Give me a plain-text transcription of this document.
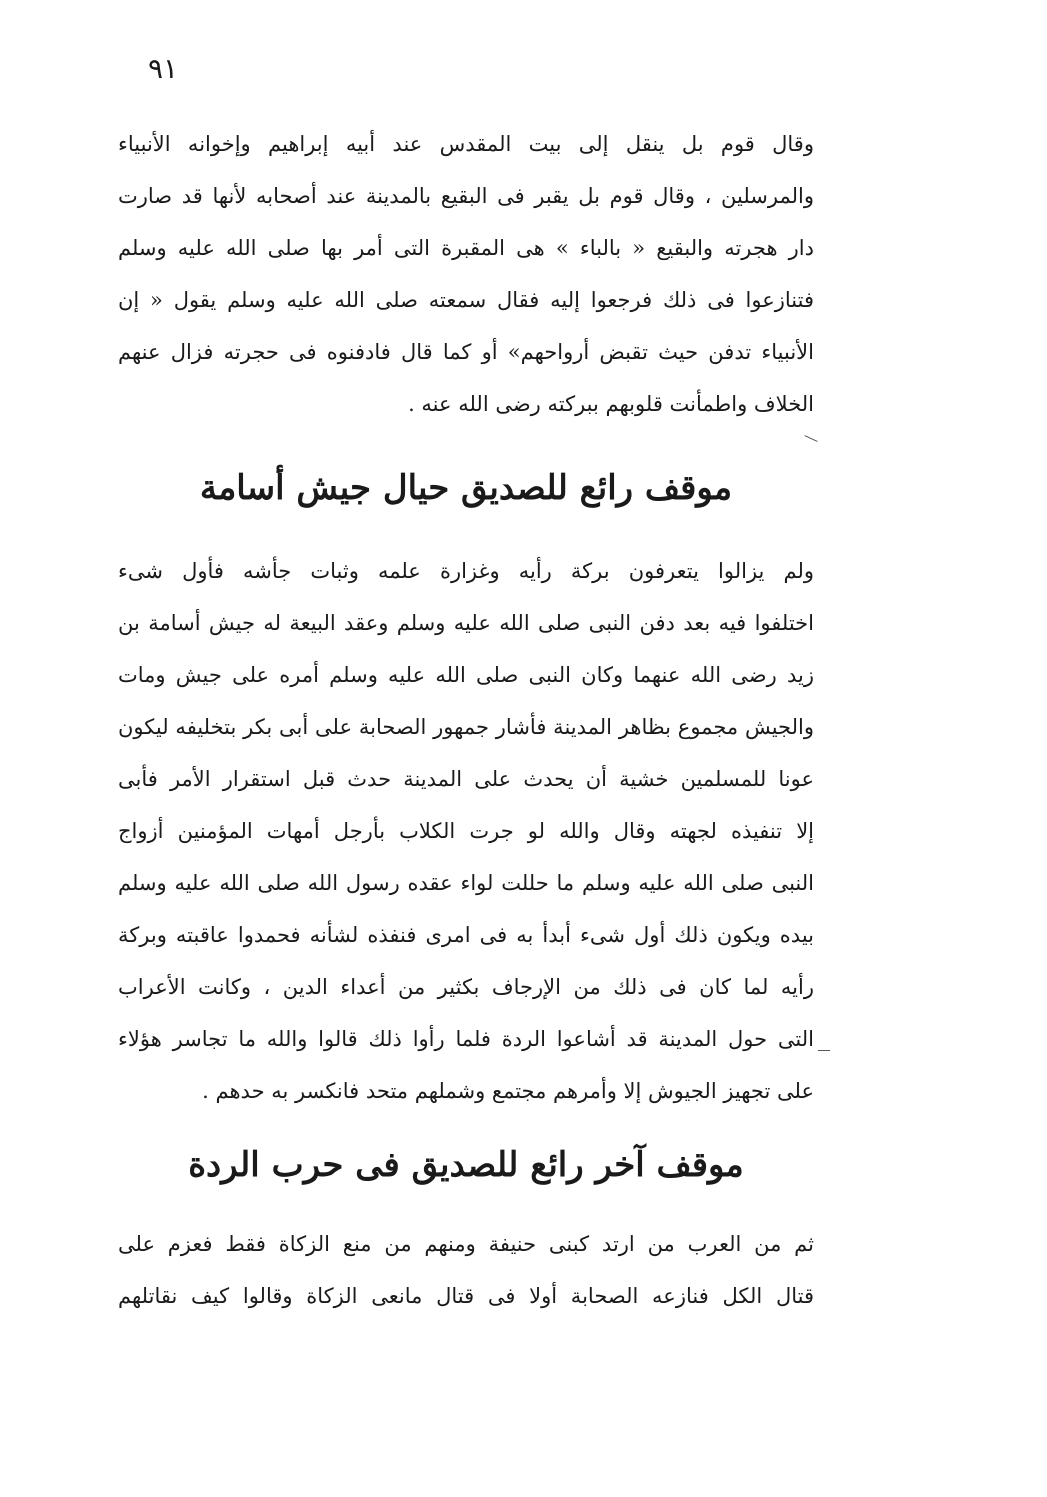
٩١
وقال قوم بل ينقل إلى بيت المقدس عند أبيه إبراهيم وإخوانه الأنبياء
والمرسلين ، وقال قوم بل يقبر فى البقيع بالمدينة عند أصحابه لأنها قد صارت
دار هجرته والبقيع « بالباء » هى المقبرة التى أمر بها صلى الله عليه وسلم
فتنازعوا فى ذلك فرجعوا إليه فقال سمعته صلى الله عليه وسلم يقول « إن
الأنبياء تدفن حيث تقبض أرواحهم» أو كما قال فادفنوه فى حجرته فزال عنهم
الخلاف واطمأنت قلوبهم ببركته رضى الله عنه .
موقف رائع للصديق حيال جيش أسامة
ولم يزالوا يتعرفون بركة رأيه وغزارة علمه وثبات جأشه فأول شىء
اختلفوا فيه بعد دفن النبى صلى الله عليه وسلم وعقد البيعة له جيش أسامة بن
زيد رضى الله عنهما وكان النبى صلى الله عليه وسلم أمره على جيش ومات
والجيش مجموع بظاهر المدينة فأشار جمهور الصحابة على أبى بكر بتخليفه ليكون
عونا للمسلمين خشية أن يحدث على المدينة حدث قبل استقرار الأمر فأبى
إلا تنفيذه لجهته وقال والله لو جرت الكلاب بأرجل أمهات المؤمنين أزواج
النبى صلى الله عليه وسلم ما حللت لواء عقده رسول الله صلى الله عليه وسلم
بيده ويكون ذلك أول شىء أبدأ به فى امرى فنفذه لشأنه فحمدوا عاقبته وبركة
رأيه لما كان فى ذلك من الإرجاف بكثير من أعداء الدين ، وكانت الأعراب
التى حول المدينة قد أشاعوا الردة فلما رأوا ذلك قالوا والله ما تجاسر هؤلاء
على تجهيز الجيوش إلا وأمرهم مجتمع وشملهم متحد فانكسر به حدهم .
موقف آخر رائع للصديق فى حرب الردة
ثم من العرب من ارتد كبنى حنيفة ومنهم من منع الزكاة فقط فعزم على
قتال الكل فنازعه الصحابة أولا فى قتال مانعى الزكاة وقالوا كيف نقاتلهم
